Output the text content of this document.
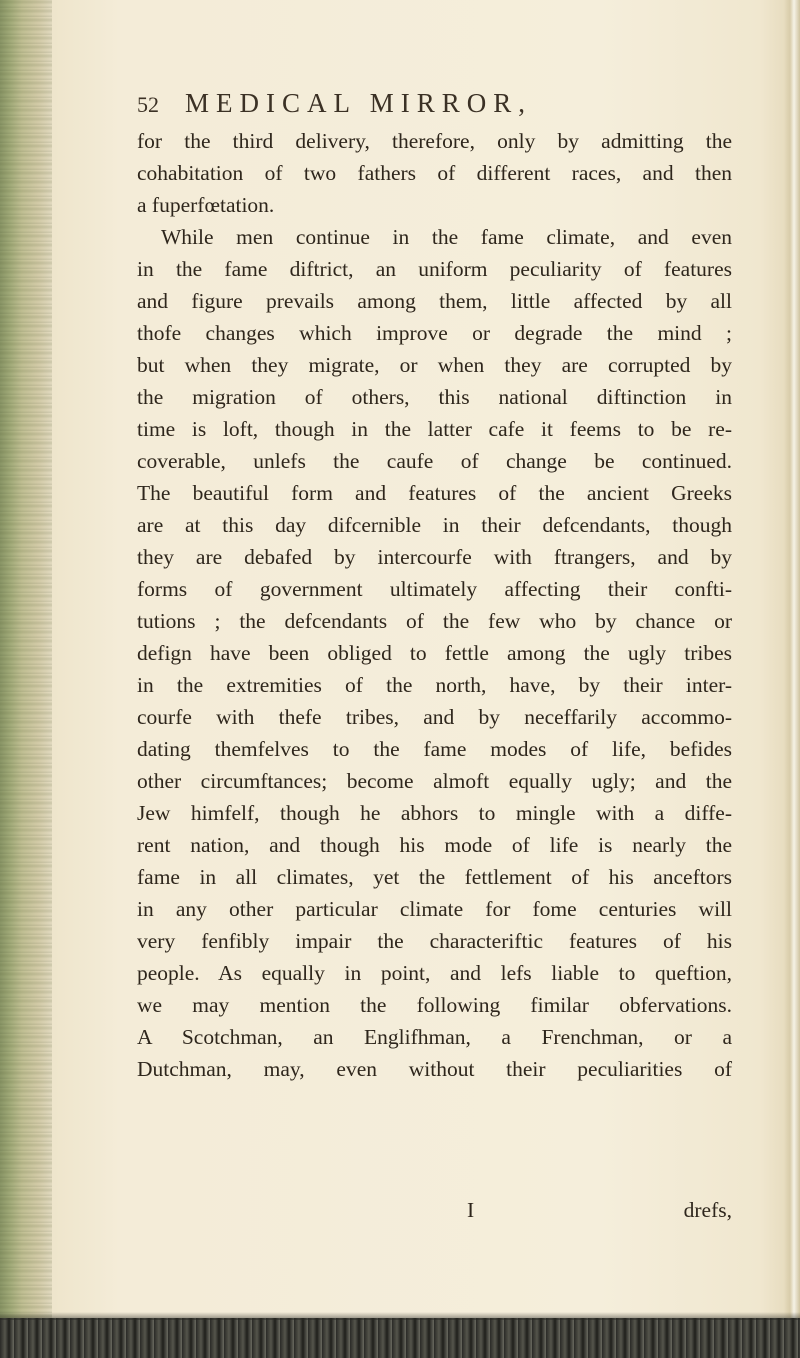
52 MEDICAL MIRROR,
for the third delivery, therefore, only by admitting the
cohabitation of two fathers of different races, and then
a fuperfœtation.
While men continue in the fame climate, and even
in the fame diftrict, an uniform peculiarity of features
and figure prevails among them, little affected by all
thofe changes which improve or degrade the mind ;
but when they migrate, or when they are corrupted by
the migration of others, this national diftinction in
time is loft, though in the latter cafe it feems to be re-
coverable, unlefs the caufe of change be continued.
The beautiful form and features of the ancient Greeks
are at this day difcernible in their defcendants, though
they are debafed by intercourfe with ftrangers, and by
forms of government ultimately affecting their confti-
tutions ; the defcendants of the few who by chance or
defign have been obliged to fettle among the ugly tribes
in the extremities of the north, have, by their inter-
courfe with thefe tribes, and by neceffarily accommo-
dating themfelves to the fame modes of life, befides
other circumftances; become almoft equally ugly; and the
Jew himfelf, though he abhors to mingle with a diffe-
rent nation, and though his mode of life is nearly the
fame in all climates, yet the fettlement of his anceftors
in any other particular climate for fome centuries will
very fenfibly impair the characteriftic features of his
people. As equally in point, and lefs liable to queftion,
we may mention the following fimilar obfervations.
A Scotchman, an Englifhman, a Frenchman, or a
Dutchman, may, even without their peculiarities of
I	drefs,
